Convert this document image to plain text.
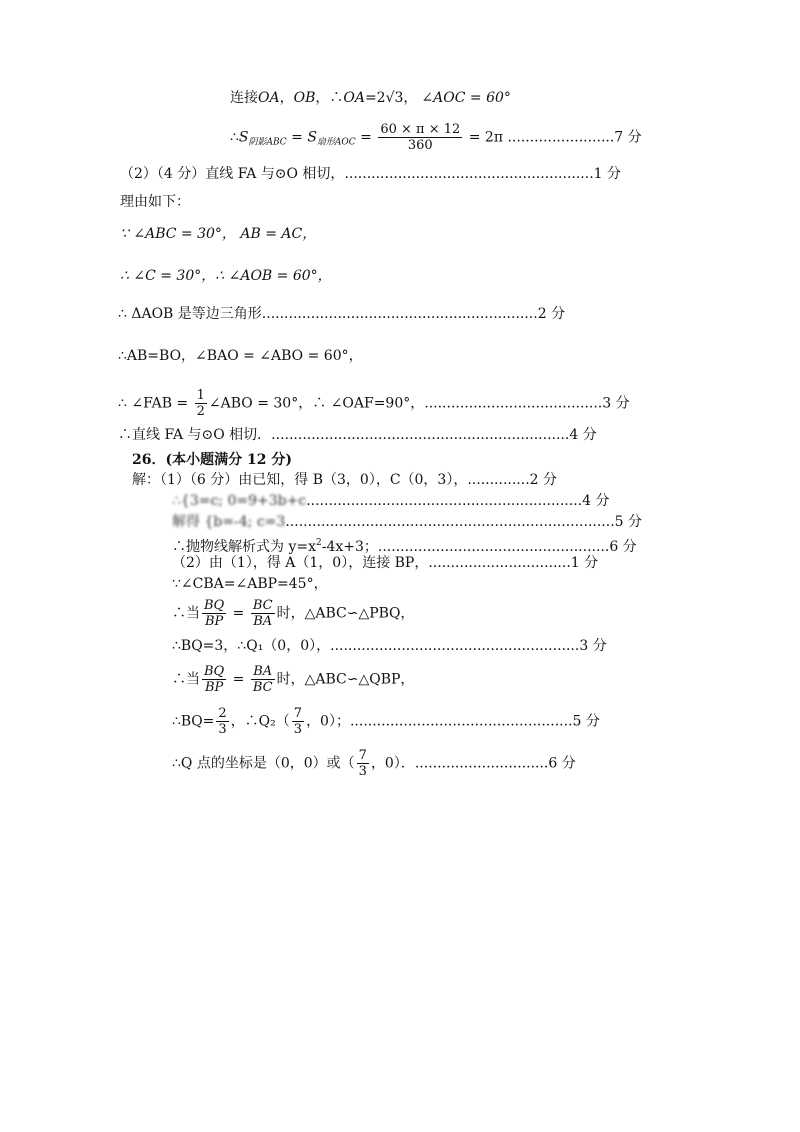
连接OA，OB，∴OA=2√3， ∠AOC = 60°
$\therefore S_{阴影ABC} = S_{扇形AOC} = \frac{60 \times \pi \times 12}{360} = 2\pi$ ........................7 分
（2）（4 分）直线 FA 与⊙O 相切，........................................................1 分
理由如下：
∵ ∠ABC = 30°， AB = AC，
∴ ∠C = 30°，∴ ∠AOB = 60°，
∴ ΔAOB 是等边三角形..............................................................2 分
∴AB=BO，∠BAO = ∠ABO = 60°，
∴ ∠FAB = $\frac{1}{2}$ ∠ABO = 30°，∴ ∠OAF=90°，........................................3 分
∴直线 FA 与⊙O 相切．...................................................................4 分
26．(本小题满分 12 分)
解：（1）（6 分）由已知，得 B（3，0），C（0，3），..............2 分
∴{3=c; 0=9+3b+c..............................................................4 分
解得 {b=-4; c=3..........................................................................5 分
∴抛物线解析式为 $y=x^2-4x+3$；....................................................6 分
（2）由（1），得 A（1，0），连接 BP，................................1 分
∵∠CBA=∠ABP=45°，
∴当 $\frac{BQ}{BP} = \frac{BC}{BA}$ 时，△ABC∽△PBQ，
∴BQ=3，∴Q₁（0，0），........................................................3 分
∴当 $\frac{BQ}{BP} = \frac{BA}{BC}$ 时，△ABC∽△QBP，
∴BQ= $\frac{2}{3}$ ，∴Q₂（ $\frac{7}{3}$ ，0）；..................................................5 分
∴Q 点的坐标是（0，0）或（ $\frac{7}{3}$ ，0）．..............................6 分
